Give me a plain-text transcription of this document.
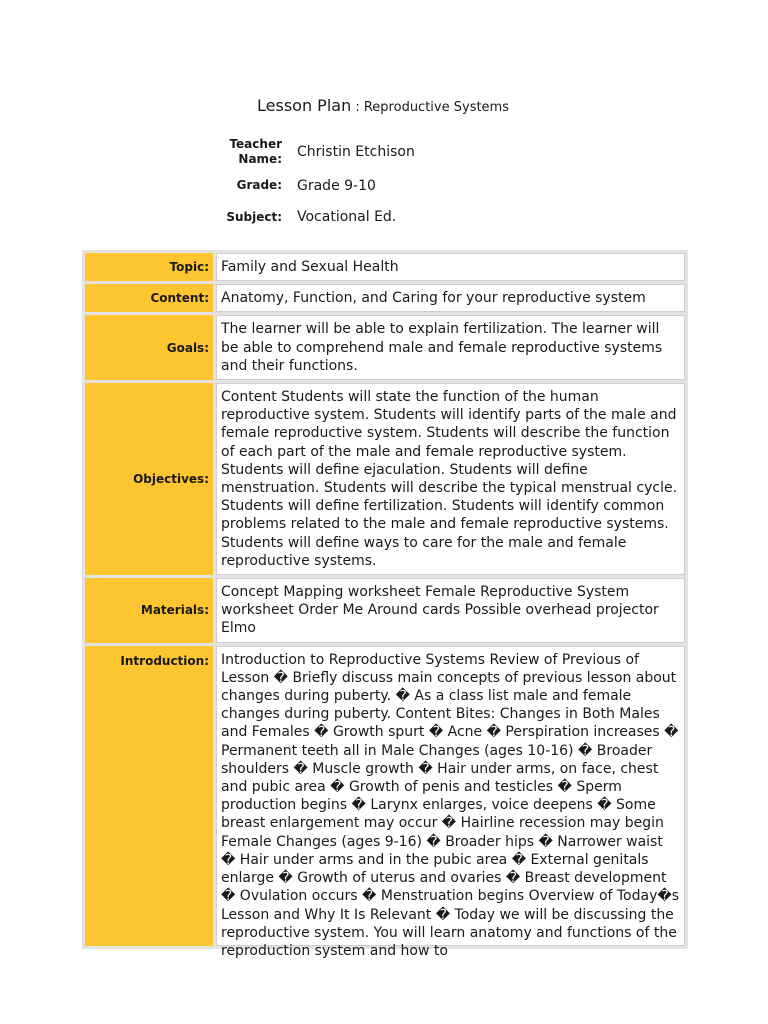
Lesson Plan : Reproductive Systems
Teacher Name:	Christin Etchison
Grade:	Grade 9-10
Subject:	Vocational Ed.
Topic:	Family and Sexual Health
Content:	Anatomy, Function, and Caring for your reproductive system
Goals:	The learner will be able to explain fertilization. The learner will be able to comprehend male and female reproductive systems and their functions.
Objectives:	Content Students will state the function of the human reproductive system. Students will identify parts of the male and female reproductive system. Students will describe the function of each part of the male and female reproductive system. Students will define ejaculation. Students will define menstruation. Students will describe the typical menstrual cycle. Students will define fertilization. Students will identify common problems related to the male and female reproductive systems. Students will define ways to care for the male and female reproductive systems.
Materials:	Concept Mapping worksheet Female Reproductive System worksheet Order Me Around cards Possible overhead projector Elmo
Introduction:	Introduction to Reproductive Systems Review of Previous of Lesson � Briefly discuss main concepts of previous lesson about changes during puberty. � As a class list male and female changes during puberty. Content Bites: Changes in Both Males and Females � Growth spurt � Acne � Perspiration increases � Permanent teeth all in Male Changes (ages 10-16) � Broader shoulders � Muscle growth � Hair under arms, on face, chest and pubic area � Growth of penis and testicles � Sperm production begins � Larynx enlarges, voice deepens � Some breast enlargement may occur � Hairline recession may begin Female Changes (ages 9-16) � Broader hips � Narrower waist � Hair under arms and in the pubic area � External genitals enlarge � Growth of uterus and ovaries � Breast development � Ovulation occurs � Menstruation begins Overview of Today�s Lesson and Why It Is Relevant � Today we will be discussing the reproductive system. You will learn anatomy and functions of the reproduction system and how to
